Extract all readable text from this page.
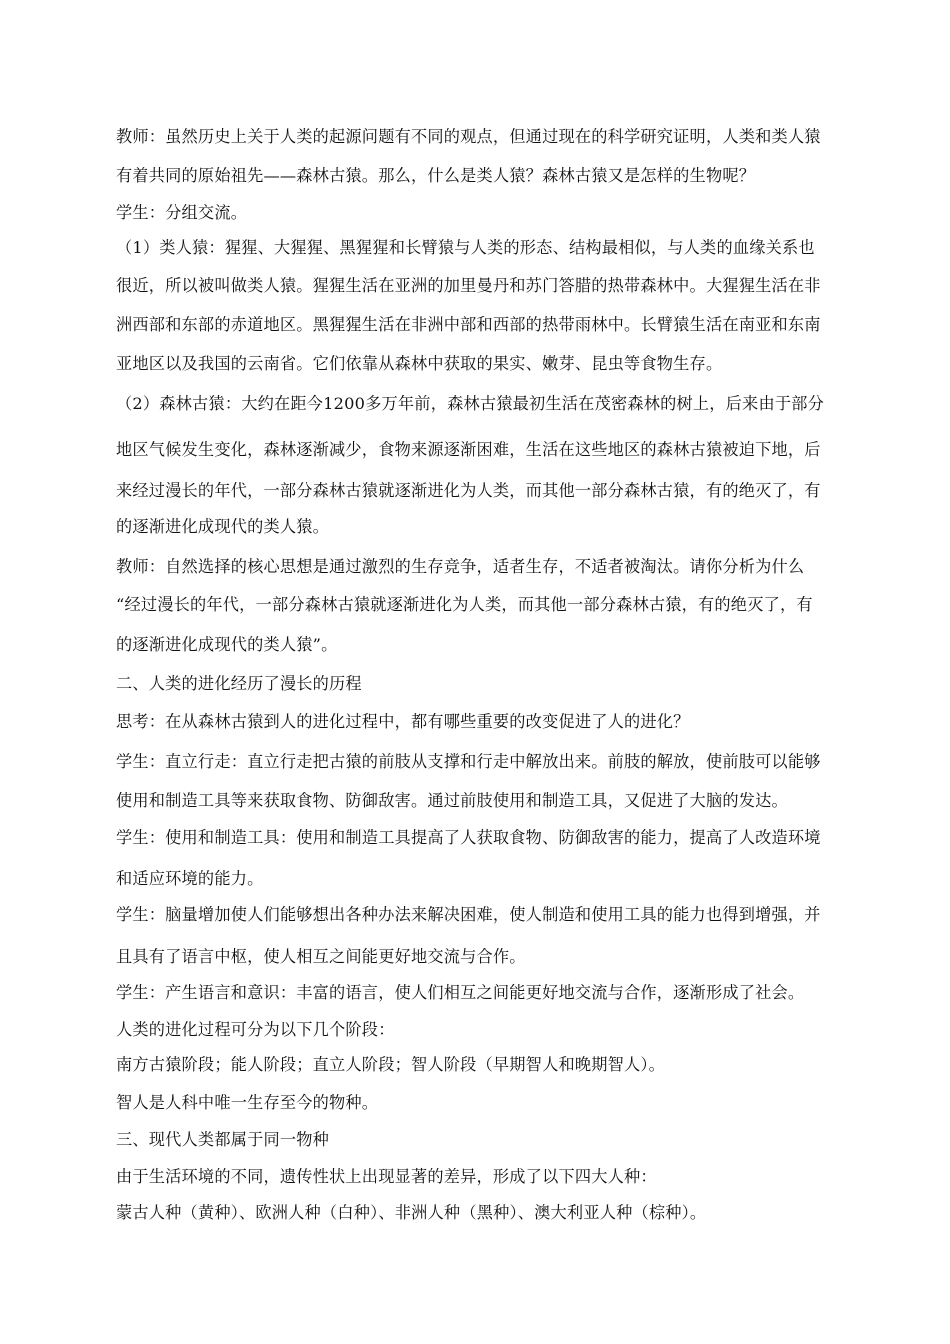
教师：虽然历史上关于人类的起源问题有不同的观点，但通过现在的科学研究证明，人类和类人猿
有着共同的原始祖先——森林古猿。那么，什么是类人猿？森林古猿又是怎样的生物呢？
学生：分组交流。
（1）类人猿：猩猩、大猩猩、黑猩猩和长臂猿与人类的形态、结构最相似，与人类的血缘关系也
很近，所以被叫做类人猿。猩猩生活在亚洲的加里曼丹和苏门答腊的热带森林中。大猩猩生活在非
洲西部和东部的赤道地区。黑猩猩生活在非洲中部和西部的热带雨林中。长臂猿生活在南亚和东南
亚地区以及我国的云南省。它们依靠从森林中获取的果实、嫩芽、昆虫等食物生存。
（2）森林古猿：大约在距今1200多万年前，森林古猿最初生活在茂密森林的树上，后来由于部分
地区气候发生变化，森林逐渐减少，食物来源逐渐困难，生活在这些地区的森林古猿被迫下地，后
来经过漫长的年代，一部分森林古猿就逐渐进化为人类，而其他一部分森林古猿，有的绝灭了，有
的逐渐进化成现代的类人猿。
教师：自然选择的核心思想是通过激烈的生存竞争，适者生存，不适者被淘汰。请你分析为什么
“经过漫长的年代，一部分森林古猿就逐渐进化为人类，而其他一部分森林古猿，有的绝灭了，有
的逐渐进化成现代的类人猿”。
二、人类的进化经历了漫长的历程
思考：在从森林古猿到人的进化过程中，都有哪些重要的改变促进了人的进化？
学生：直立行走：直立行走把古猿的前肢从支撑和行走中解放出来。前肢的解放，使前肢可以能够
使用和制造工具等来获取食物、防御敌害。通过前肢使用和制造工具，又促进了大脑的发达。
学生：使用和制造工具：使用和制造工具提高了人获取食物、防御敌害的能力，提高了人改造环境
和适应环境的能力。
学生：脑量增加使人们能够想出各种办法来解决困难，使人制造和使用工具的能力也得到增强，并
且具有了语言中枢，使人相互之间能更好地交流与合作。
学生：产生语言和意识：丰富的语言，使人们相互之间能更好地交流与合作，逐渐形成了社会。
人类的进化过程可分为以下几个阶段：
南方古猿阶段；能人阶段；直立人阶段；智人阶段（早期智人和晚期智人）。
智人是人科中唯一生存至今的物种。
三、现代人类都属于同一物种
由于生活环境的不同，遗传性状上出现显著的差异，形成了以下四大人种：
蒙古人种（黄种）、欧洲人种（白种）、非洲人种（黑种）、澳大利亚人种（棕种）。
